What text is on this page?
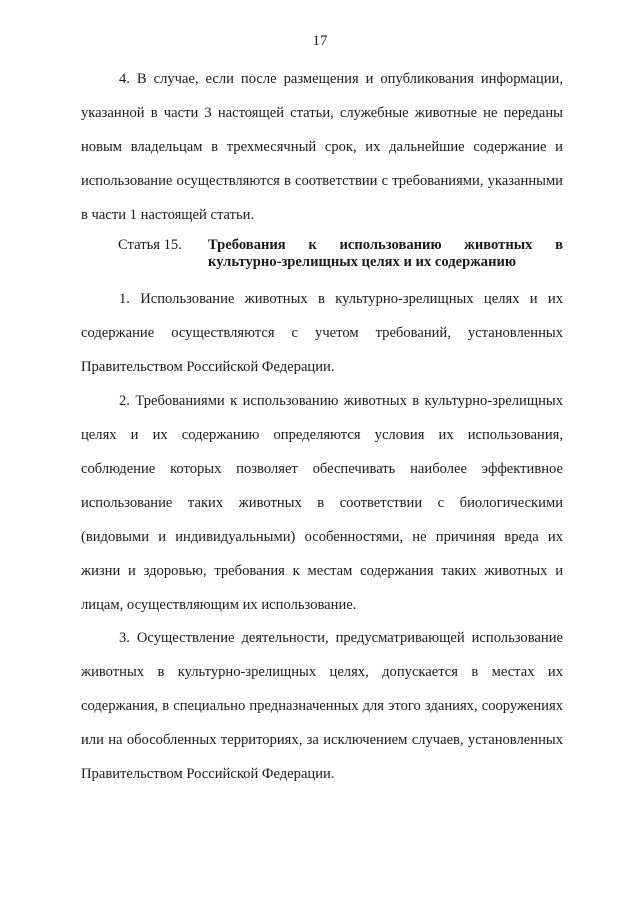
17
4. В случае, если после размещения и опубликования информации, указанной в части 3 настоящей статьи, служебные животные не переданы новым владельцам в трехмесячный срок, их дальнейшие содержание и использование осуществляются в соответствии с требованиями, указанными в части 1 настоящей статьи.
Статья 15.	Требования к использованию животных в культурно-зрелищных целях и их содержанию
1. Использование животных в культурно-зрелищных целях и их содержание осуществляются с учетом требований, установленных Правительством Российской Федерации.
2. Требованиями к использованию животных в культурно-зрелищных целях и их содержанию определяются условия их использования, соблюдение которых позволяет обеспечивать наиболее эффективное использование таких животных в соответствии с биологическими (видовыми и индивидуальными) особенностями, не причиняя вреда их жизни и здоровью, требования к местам содержания таких животных и лицам, осуществляющим их использование.
3. Осуществление деятельности, предусматривающей использование животных в культурно-зрелищных целях, допускается в местах их содержания, в специально предназначенных для этого зданиях, сооружениях или на обособленных территориях, за исключением случаев, установленных Правительством Российской Федерации.
